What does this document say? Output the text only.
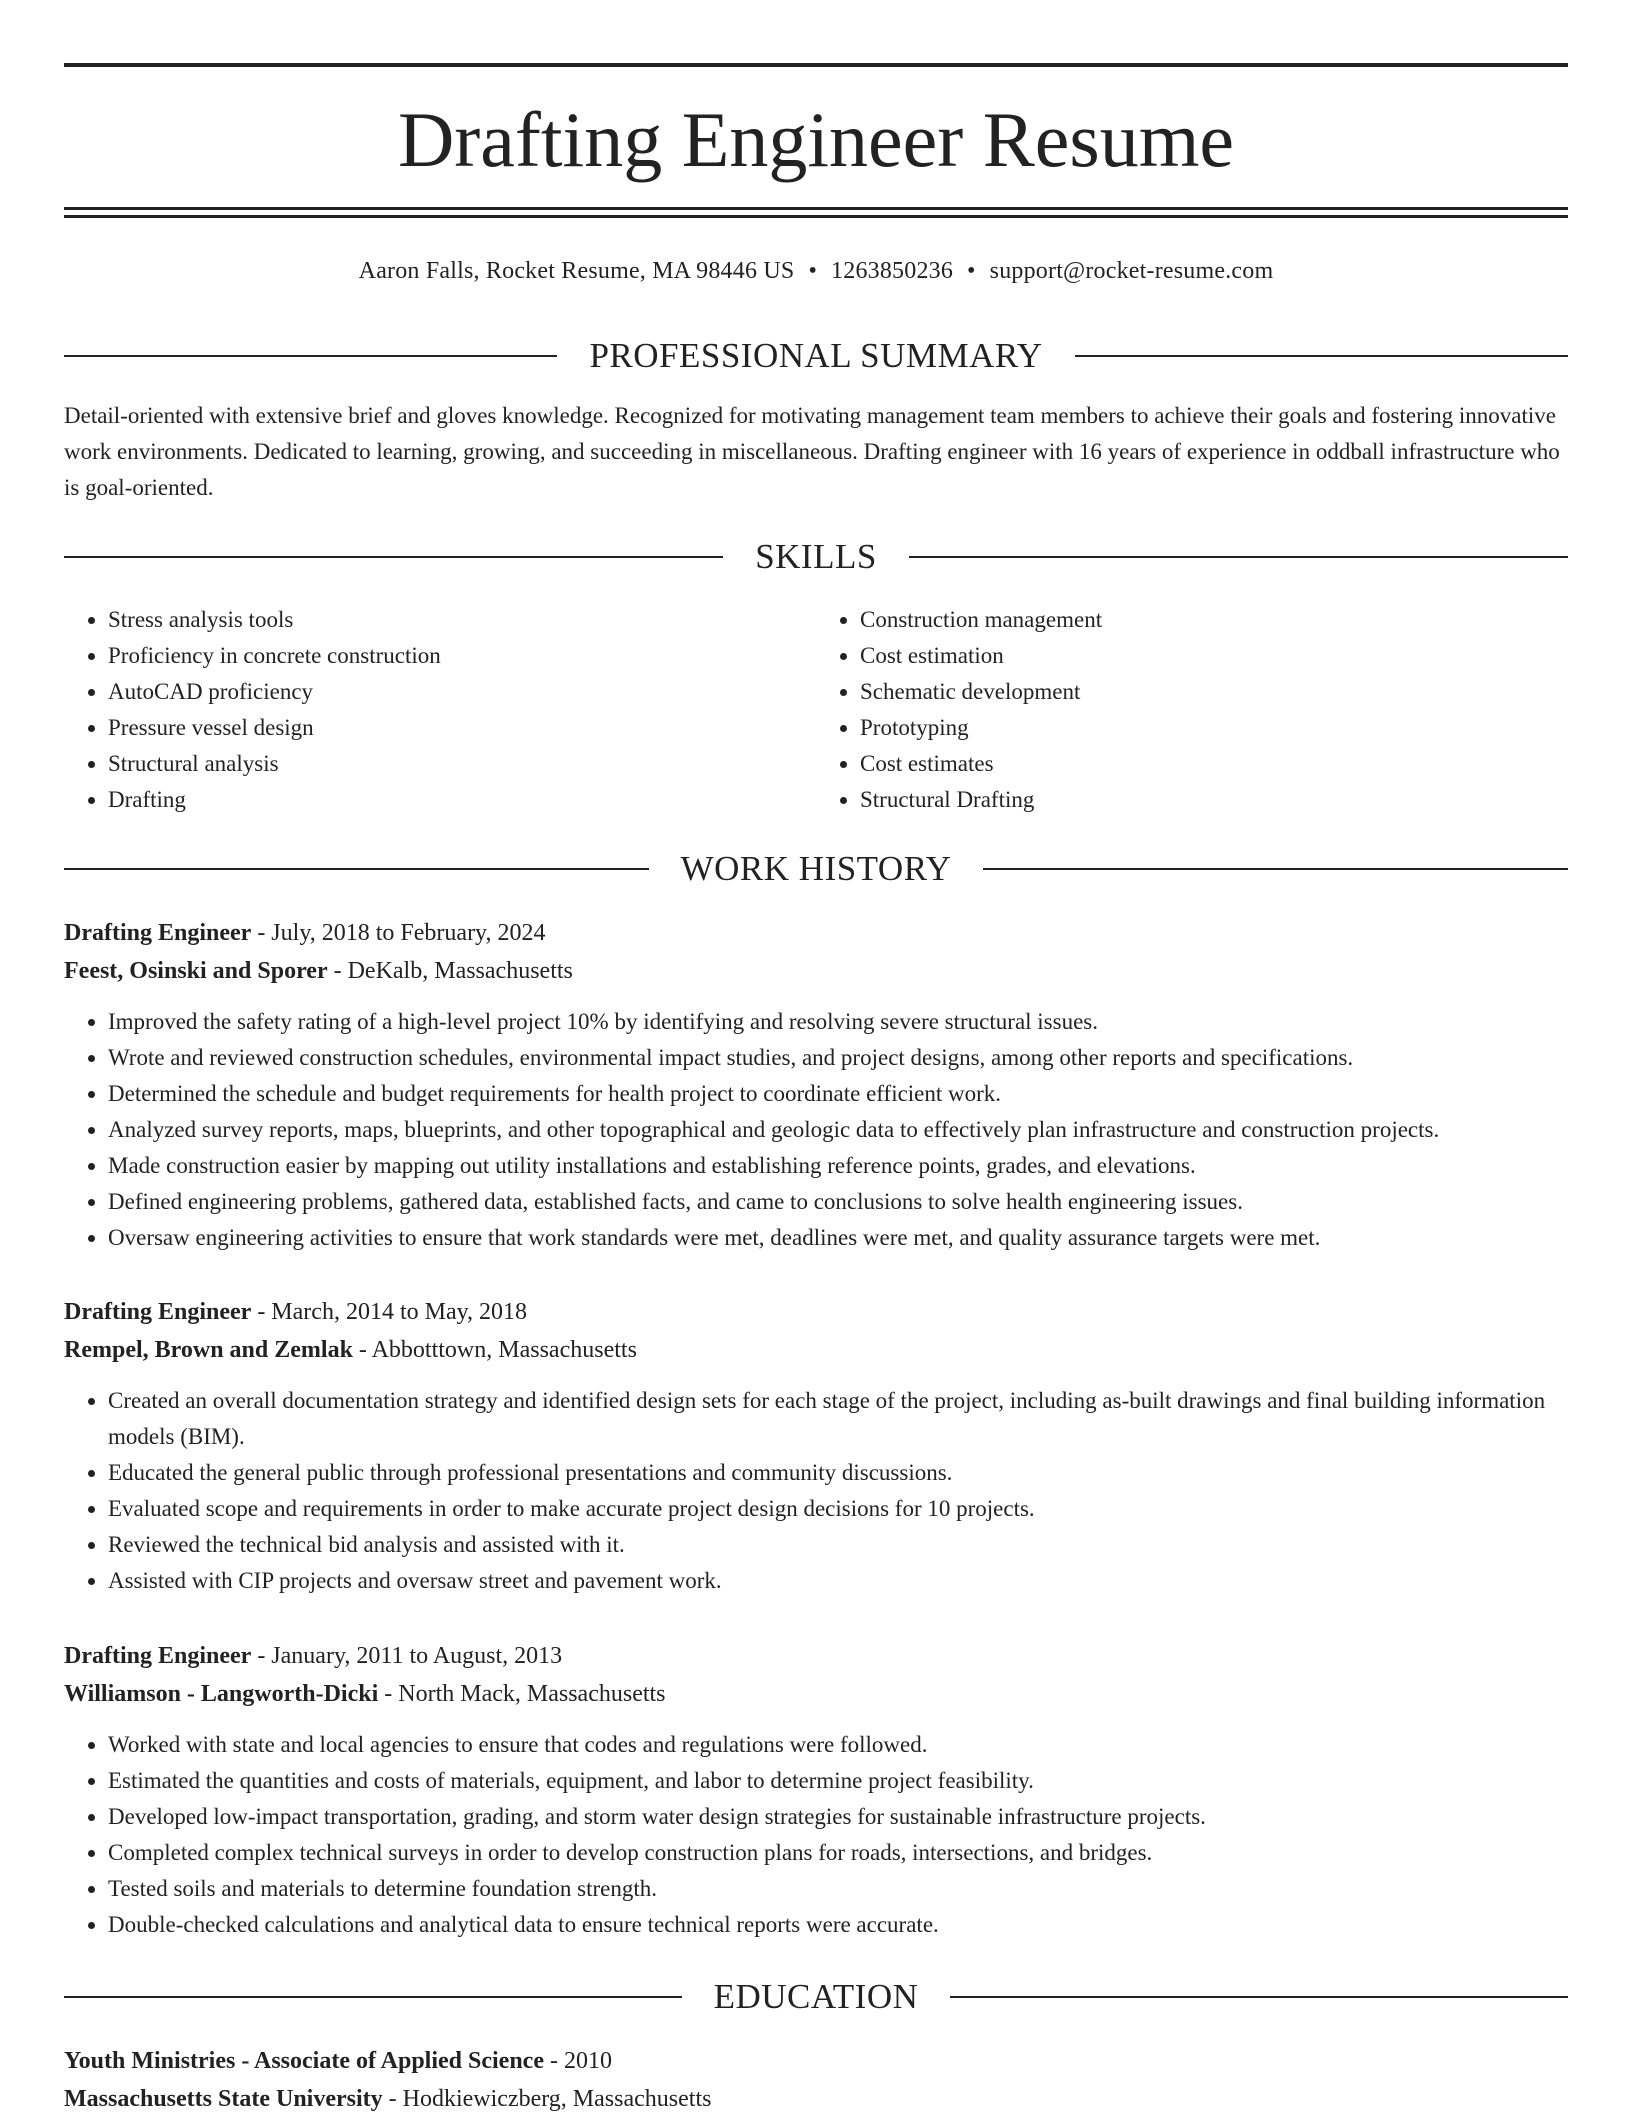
Drafting Engineer Resume
Aaron Falls, Rocket Resume, MA 98446 US • 1263850236 • support@rocket-resume.com
PROFESSIONAL SUMMARY

Detail-oriented with extensive brief and gloves knowledge. Recognized for motivating management team members to achieve their goals and fostering innovative work environments. Dedicated to learning, growing, and succeeding in miscellaneous. Drafting engineer with 16 years of experience in oddball infrastructure who is goal-oriented.

SKILLS
• Stress analysis tools
• Proficiency in concrete construction
• AutoCAD proficiency
• Pressure vessel design
• Structural analysis
• Drafting
• Construction management
• Cost estimation
• Schematic development
• Prototyping
• Cost estimates
• Structural Drafting
WORK HISTORY
Drafting Engineer - July, 2018 to February, 2024
Feest, Osinski and Sporer - DeKalb, Massachusetts
• Improved the safety rating of a high-level project 10% by identifying and resolving severe structural issues.
• Wrote and reviewed construction schedules, environmental impact studies, and project designs, among other reports and specifications.
• Determined the schedule and budget requirements for health project to coordinate efficient work.
• Analyzed survey reports, maps, blueprints, and other topographical and geologic data to effectively plan infrastructure and construction projects.
• Made construction easier by mapping out utility installations and establishing reference points, grades, and elevations.
• Defined engineering problems, gathered data, established facts, and came to conclusions to solve health engineering issues.
• Oversaw engineering activities to ensure that work standards were met, deadlines were met, and quality assurance targets were met.
Drafting Engineer - March, 2014 to May, 2018
Rempel, Brown and Zemlak - Abbotttown, Massachusetts
• Created an overall documentation strategy and identified design sets for each stage of the project, including as-built drawings and final building information models (BIM).
• Educated the general public through professional presentations and community discussions.
• Evaluated scope and requirements in order to make accurate project design decisions for 10 projects.
• Reviewed the technical bid analysis and assisted with it.
• Assisted with CIP projects and oversaw street and pavement work.
Drafting Engineer - January, 2011 to August, 2013
Williamson - Langworth-Dicki - North Mack, Massachusetts
• Worked with state and local agencies to ensure that codes and regulations were followed.
• Estimated the quantities and costs of materials, equipment, and labor to determine project feasibility.
• Developed low-impact transportation, grading, and storm water design strategies for sustainable infrastructure projects.
• Completed complex technical surveys in order to develop construction plans for roads, intersections, and bridges.
• Tested soils and materials to determine foundation strength.
• Double-checked calculations and analytical data to ensure technical reports were accurate.
EDUCATION
Youth Ministries - Associate of Applied Science - 2010
Massachusetts State University - Hodkiewiczberg, Massachusetts
